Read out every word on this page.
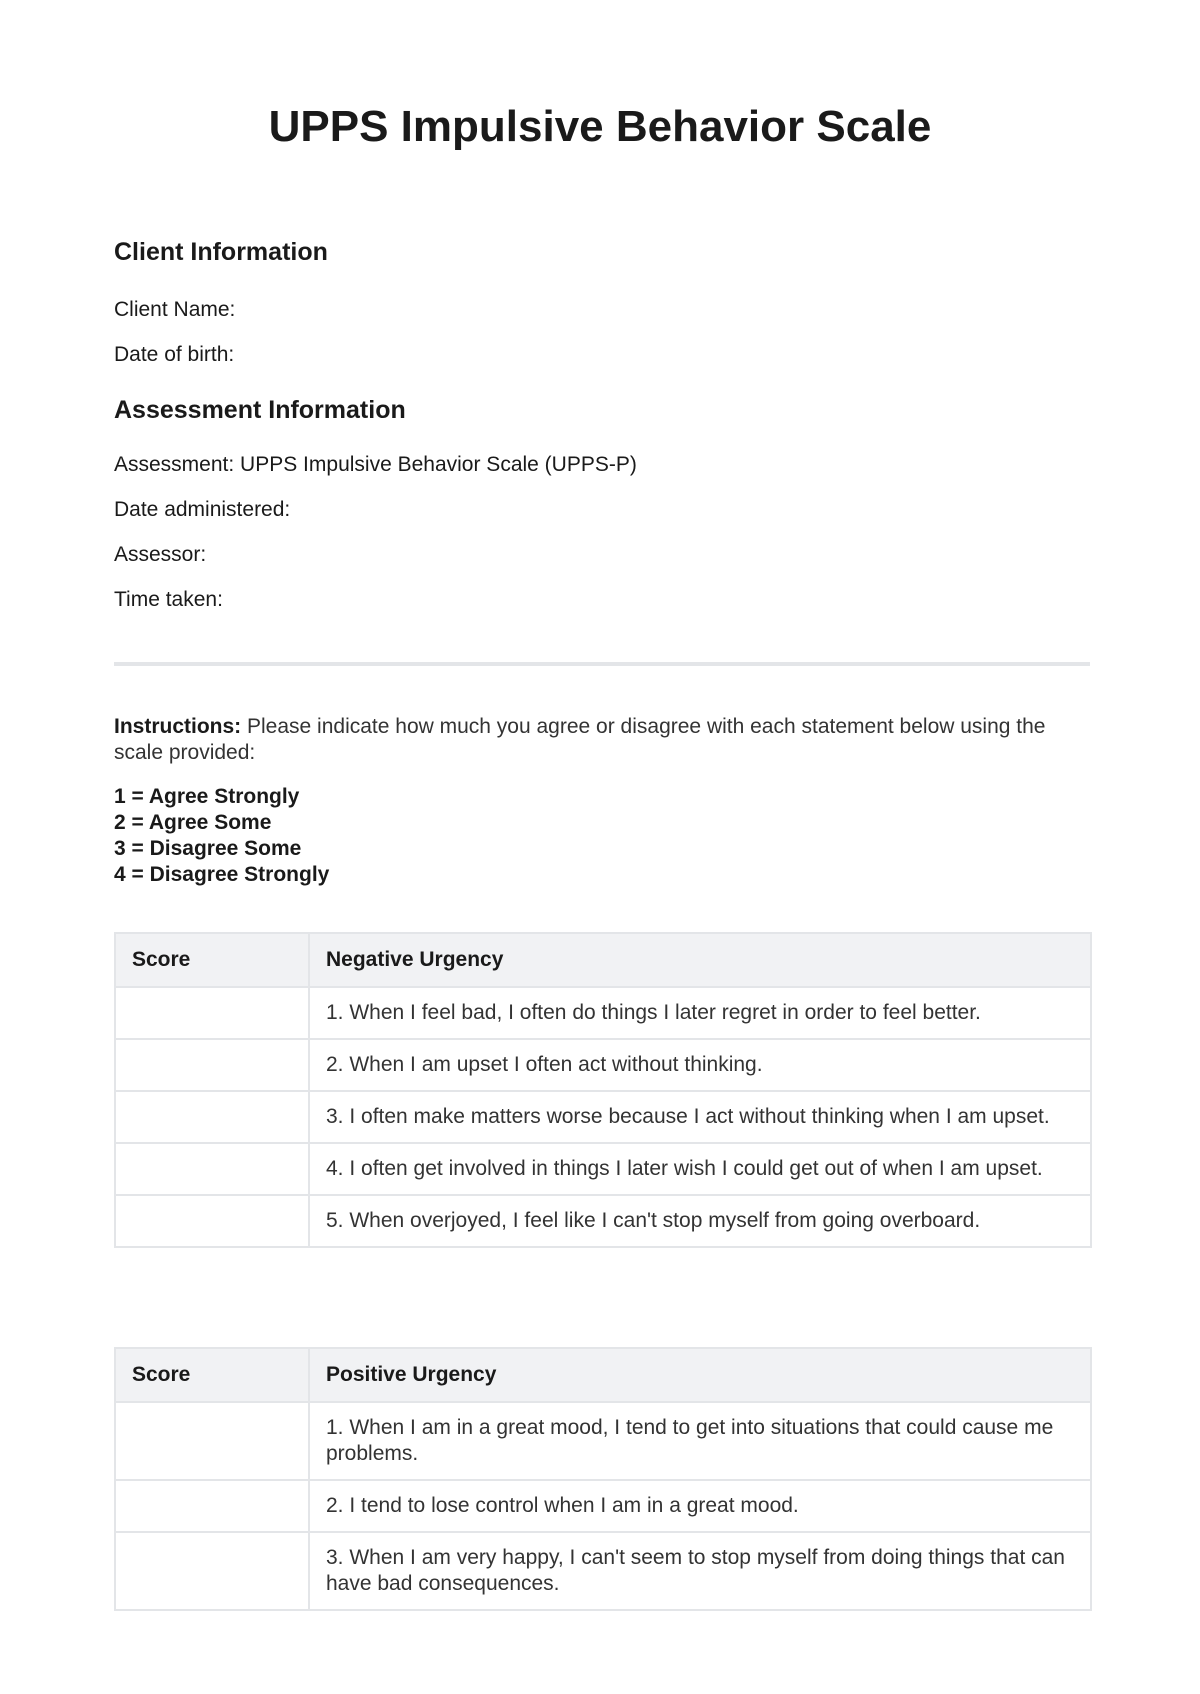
UPPS Impulsive Behavior Scale
Client Information
Client Name:
Date of birth:
Assessment Information
Assessment: UPPS Impulsive Behavior Scale (UPPS-P)
Date administered:
Assessor:
Time taken:
Instructions: Please indicate how much you agree or disagree with each statement below using the scale provided:
1 = Agree Strongly
2 = Agree Some
3 = Disagree Some
4 = Disagree Strongly
Score	Negative Urgency
	1. When I feel bad, I often do things I later regret in order to feel better.
	2. When I am upset I often act without thinking.
	3. I often make matters worse because I act without thinking when I am upset.
	4. I often get involved in things I later wish I could get out of when I am upset.
	5. When overjoyed, I feel like I can't stop myself from going overboard.
Score	Positive Urgency
	1. When I am in a great mood, I tend to get into situations that could cause me problems.
	2. I tend to lose control when I am in a great mood.
	3. When I am very happy, I can't seem to stop myself from doing things that can have bad consequences.
